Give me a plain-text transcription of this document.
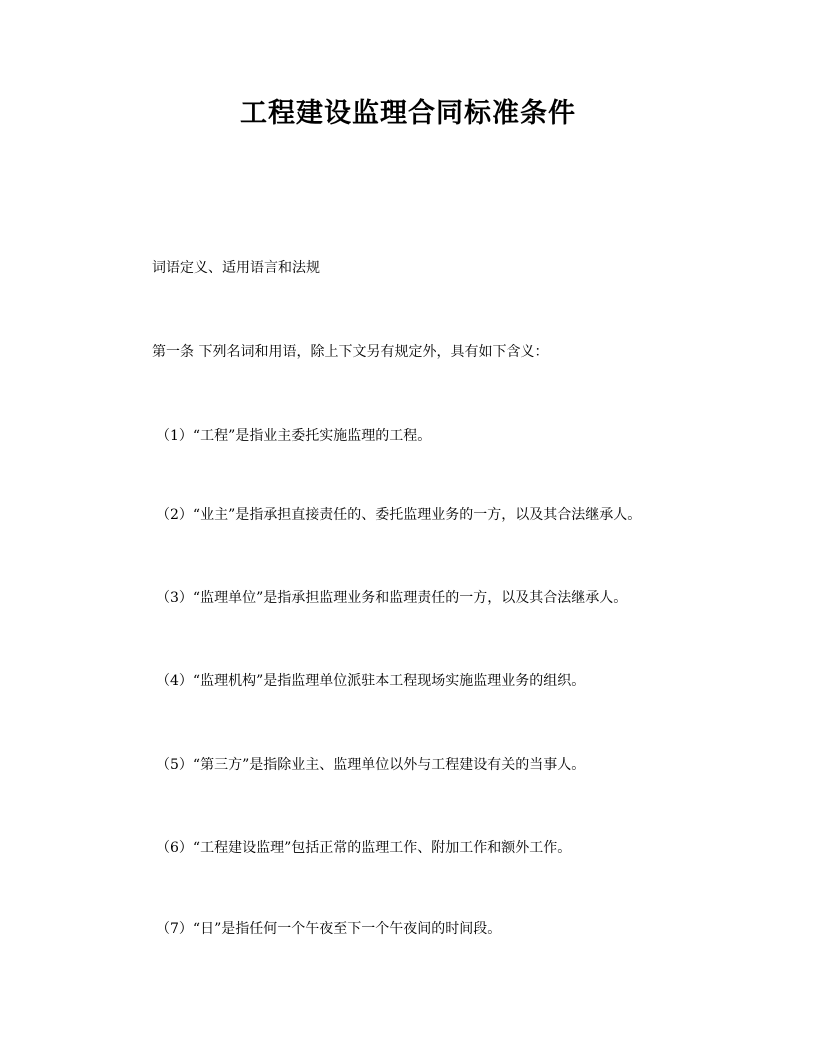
工程建设监理合同标准条件

词语定义、适用语言和法规

第一条 下列名词和用语，除上下文另有规定外，具有如下含义：

（1）“工程”是指业主委托实施监理的工程。

（2）“业主”是指承担直接责任的、委托监理业务的一方，以及其合法继承人。

（3）“监理单位”是指承担监理业务和监理责任的一方，以及其合法继承人。

（4）“监理机构”是指监理单位派驻本工程现场实施监理业务的组织。

（5）“第三方”是指除业主、监理单位以外与工程建设有关的当事人。

（6）“工程建设监理”包括正常的监理工作、附加工作和额外工作。

（7）“日”是指任何一个午夜至下一个午夜间的时间段。
